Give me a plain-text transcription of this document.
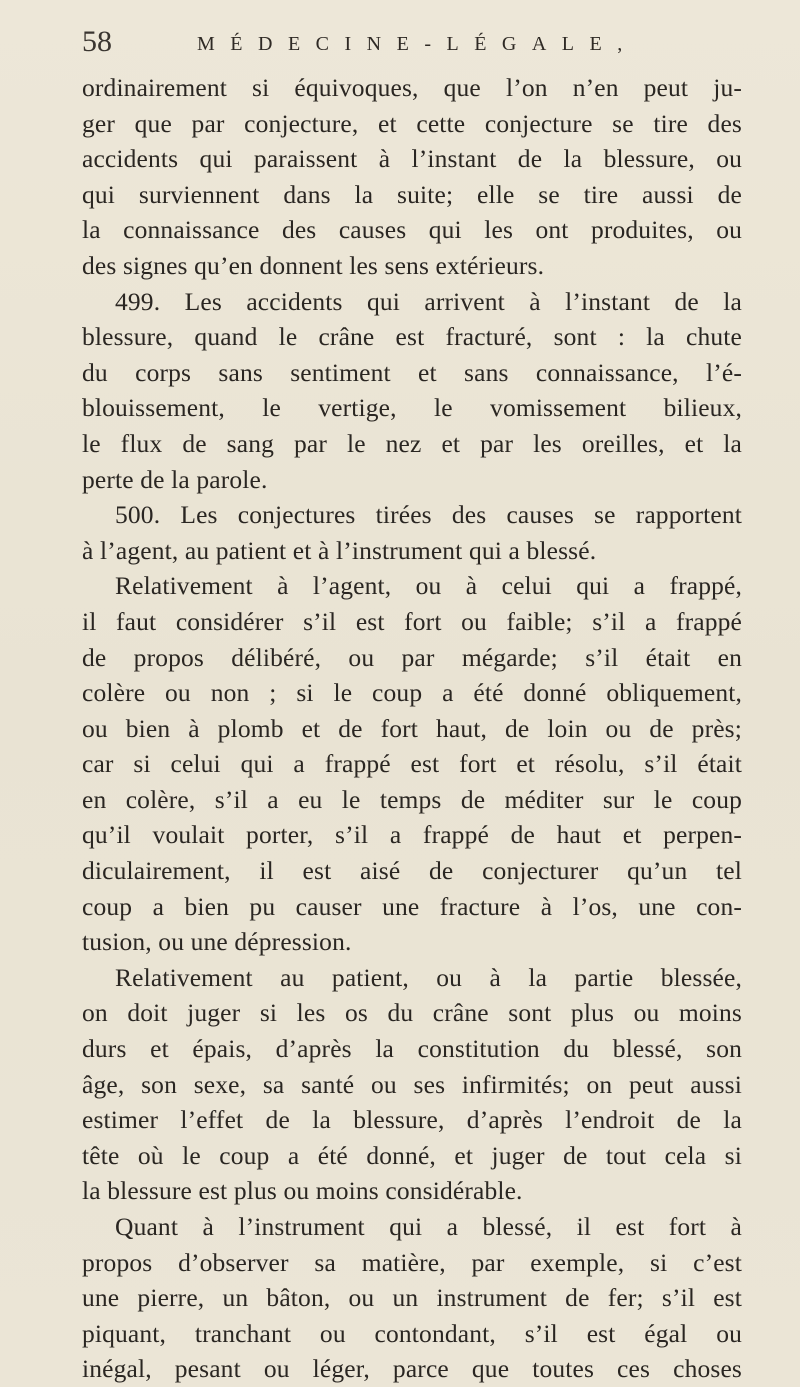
58	MÉDECINE-LÉGALE,
ordinairement si équivoques, que l’on n’en peut ju-
ger que par conjecture, et cette conjecture se tire des
accidents qui paraissent à l’instant de la blessure, ou
qui surviennent dans la suite; elle se tire aussi de
la connaissance des causes qui les ont produites, ou
des signes qu’en donnent les sens extérieurs.
499. Les accidents qui arrivent à l’instant de la
blessure, quand le crâne est fracturé, sont : la chute
du corps sans sentiment et sans connaissance, l’é-
blouissement, le vertige, le vomissement bilieux,
le flux de sang par le nez et par les oreilles, et la
perte de la parole.
500. Les conjectures tirées des causes se rapportent
à l’agent, au patient et à l’instrument qui a blessé.
Relativement à l’agent, ou à celui qui a frappé,
il faut considérer s’il est fort ou faible; s’il a frappé
de propos délibéré, ou par mégarde; s’il était en
colère ou non ; si le coup a été donné obliquement,
ou bien à plomb et de fort haut, de loin ou de près;
car si celui qui a frappé est fort et résolu, s’il était
en colère, s’il a eu le temps de méditer sur le coup
qu’il voulait porter, s’il a frappé de haut et perpen-
diculairement, il est aisé de conjecturer qu’un tel
coup a bien pu causer une fracture à l’os, une con-
tusion, ou une dépression.
Relativement au patient, ou à la partie blessée,
on doit juger si les os du crâne sont plus ou moins
durs et épais, d’après la constitution du blessé, son
âge, son sexe, sa santé ou ses infirmités; on peut aussi
estimer l’effet de la blessure, d’après l’endroit de la
tête où le coup a été donné, et juger de tout cela si
la blessure est plus ou moins considérable.
Quant à l’instrument qui a blessé, il est fort à
propos d’observer sa matière, par exemple, si c’est
une pierre, un bâton, ou un instrument de fer; s’il est
piquant, tranchant ou contondant, s’il est égal ou
inégal, pesant ou léger, parce que toutes ces choses
